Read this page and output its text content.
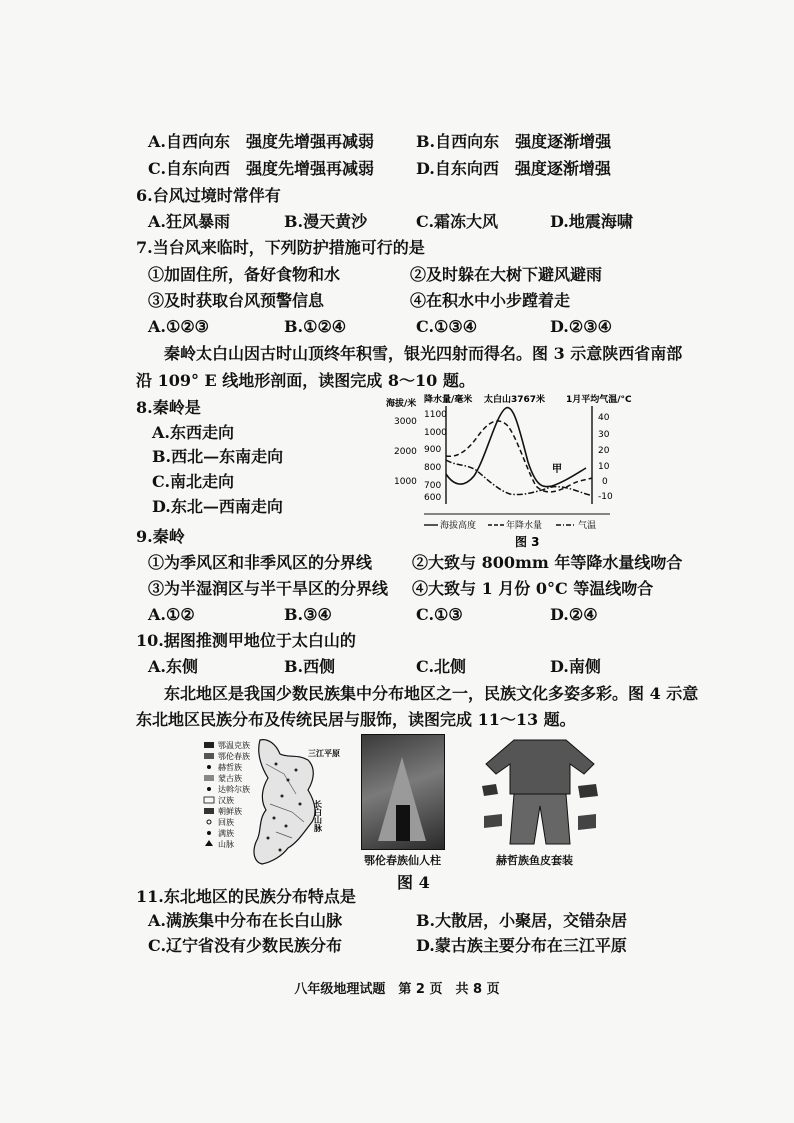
A.自西向东　强度先增强再减弱	B.自西向东　强度逐渐增强
C.自东向西　强度先增强再减弱	D.自东向西　强度逐渐增强
6.台风过境时常伴有
A.狂风暴雨	B.漫天黄沙	C.霜冻大风	D.地震海啸
7.当台风来临时，下列防护措施可行的是
①加固住所，备好食物和水	②及时躲在大树下避风避雨
③及时获取台风预警信息	④在积水中小步蹚着走
A.①②③	B.①②④	C.①③④	D.②③④
秦岭太白山因古时山顶终年积雪，银光四射而得名。图 3 示意陕西省南部
沿 109° E 线地形剖面，读图完成 8～10 题。
8.秦岭是
A.东西走向
B.西北—东南走向
C.南北走向
D.东北—西南走向
海拔/米 降水量/毫米 太白山3767米 1月平均气温/°C
3000
2000
1000
1100
1000
900
800
700
600
40
30
20
10
0
-10
甲
海拔高度	年降水量	气温
图 3
9.秦岭
①为季风区和非季风区的分界线 ②大致与 800mm 年等降水量线吻合
③为半湿润区与半干旱区的分界线 ④大致与 1 月份 0°C 等温线吻合
A.①②	B.③④	C.①③	D.②④
10.据图推测甲地位于太白山的
A.东侧	B.西侧	C.北侧	D.南侧
东北地区是我国少数民族集中分布地区之一，民族文化多姿多彩。图 4 示意
东北地区民族分布及传统民居与服饰，读图完成 11～13 题。
鄂温克族
鄂伦春族
赫哲族
蒙古族
达斡尔族
汉族
朝鲜族
回族
满族
山脉
三江平原
长白山脉
鄂伦春族仙人柱	赫哲族鱼皮套装
图 4
11.东北地区的民族分布特点是
A.满族集中分布在长白山脉	B.大散居，小聚居，交错杂居
C.辽宁省没有少数民族分布	D.蒙古族主要分布在三江平原
八年级地理试题　第 2 页　共 8 页
